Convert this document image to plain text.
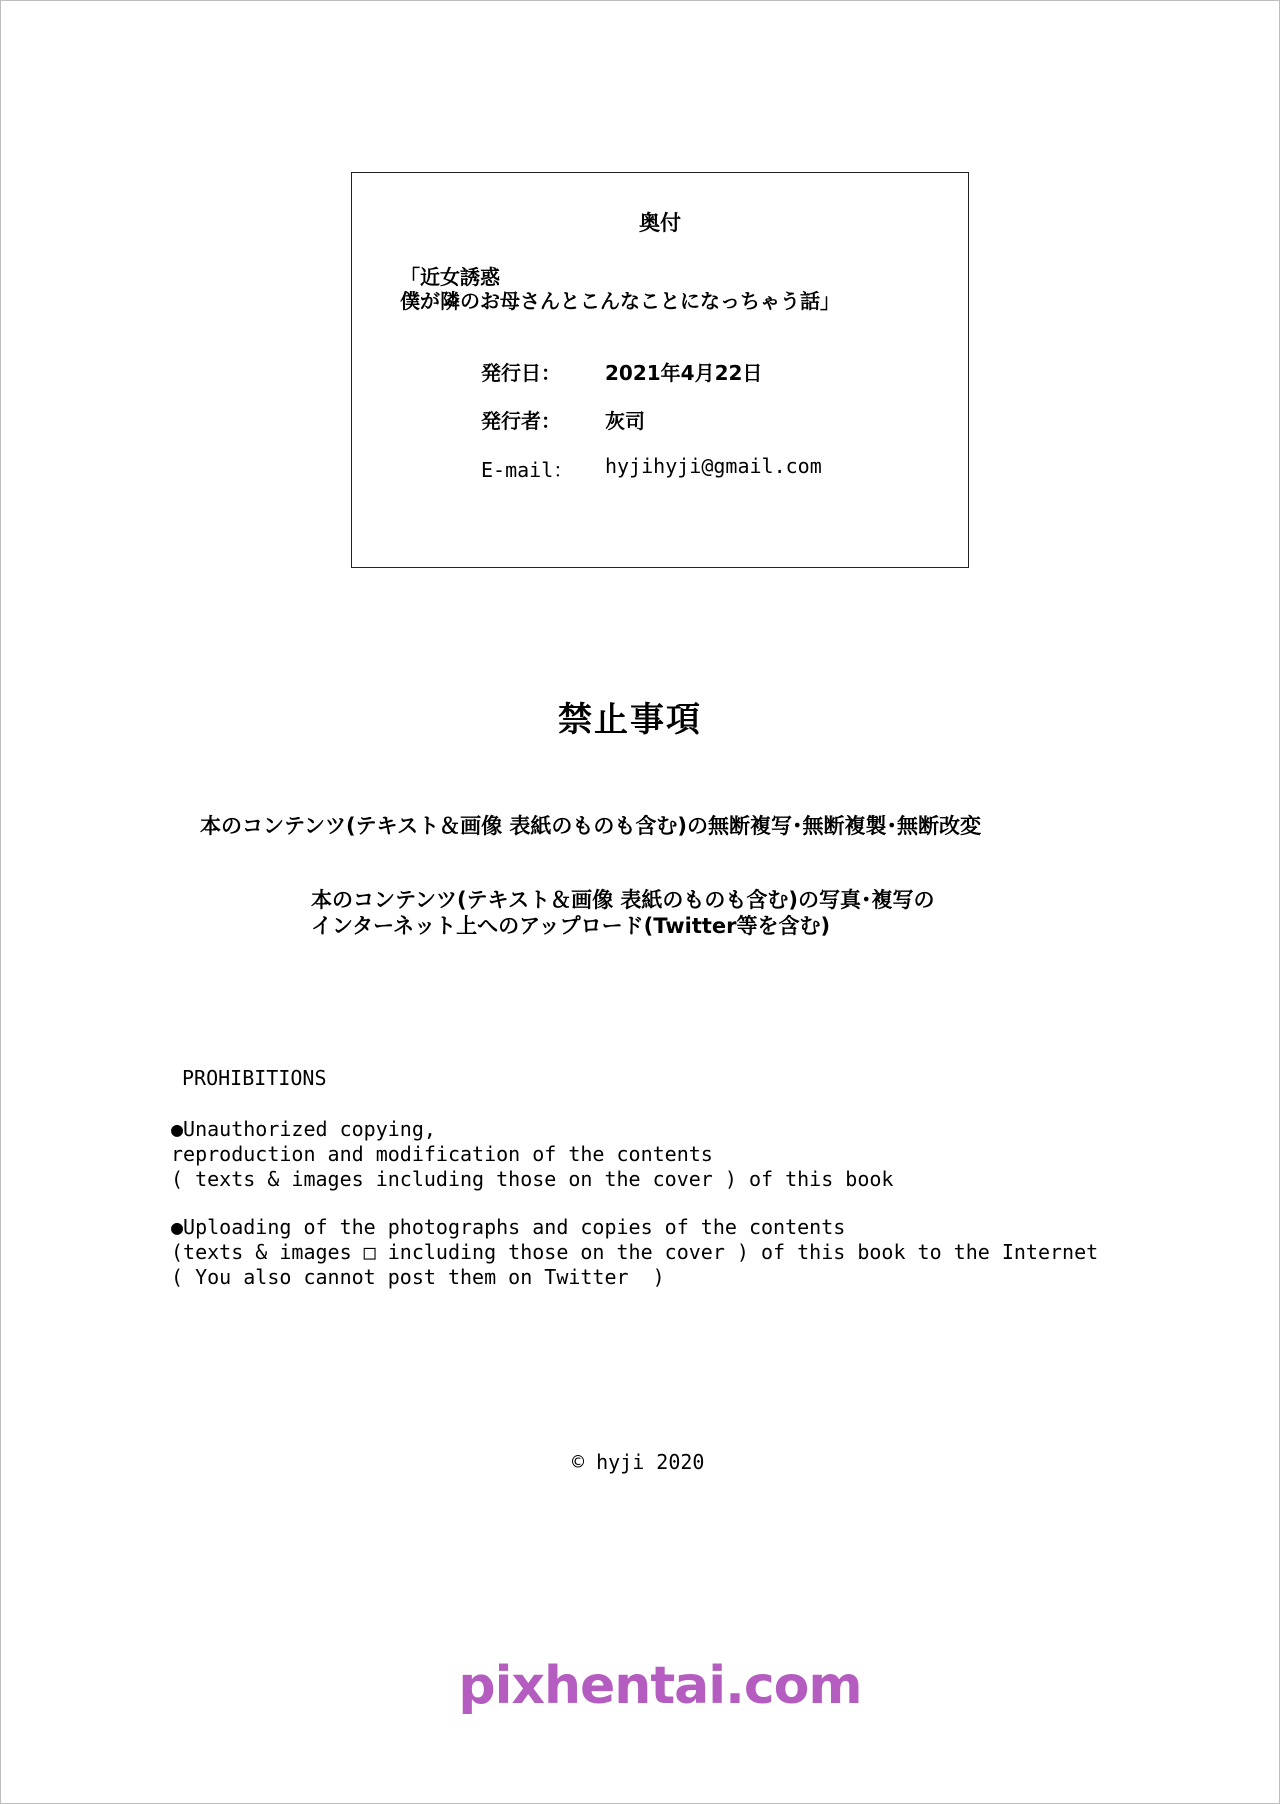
奥付
「近女誘惑
僕が隣のお母さんとこんなことになっちゃう話」
発行日：	2021年4月22日
発行者：	灰司
E-mail：	hyjihyji@gmail.com
禁止事項
本のコンテンツ(テキスト＆画像 表紙のものも含む)の無断複写･無断複製･無断改変
本のコンテンツ(テキスト＆画像 表紙のものも含む)の写真･複写の
インターネット上へのアップロード(Twitter等を含む)
PROHIBITIONS
●Unauthorized copying,
reproduction and modification of the contents
( texts & images including those on the cover ) of this book
●Uploading of the photographs and copies of the contents
(texts & images □ including those on the cover ) of this book to the Internet
( You also cannot post them on Twitter  )
© hyji 2020
pixhentai.com
